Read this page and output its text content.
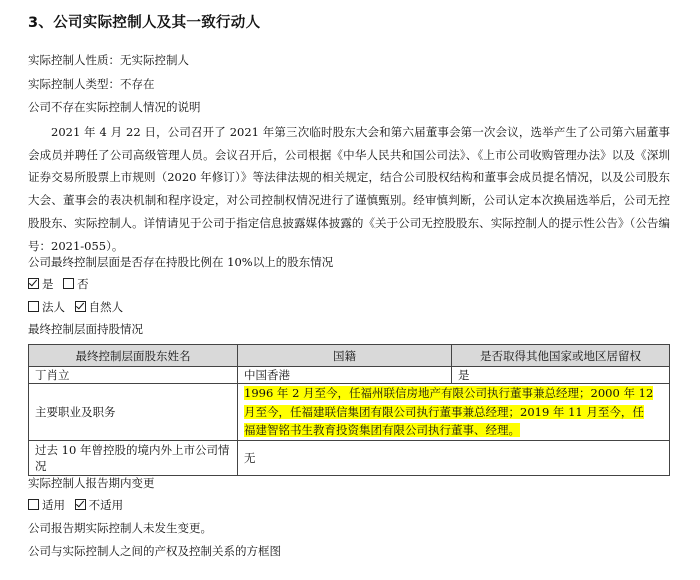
3、公司实际控制人及其一致行动人
实际控制人性质：无实际控制人
实际控制人类型：不存在
公司不存在实际控制人情况的说明
2021 年 4 月 22 日，公司召开了 2021 年第三次临时股东大会和第六届董事会第一次会议，选举产生了公司第六届董事会成员并聘任了公司高级管理人员。会议召开后，公司根据《中华人民共和国公司法》、《上市公司收购管理办法》以及《深圳证券交易所股票上市规则（2020 年修订）》等法律法规的相关规定，结合公司股权结构和董事会成员提名情况，以及公司股东大会、董事会的表决机制和程序设定，对公司控制权情况进行了谨慎甄别。经审慎判断，公司认定本次换届选举后，公司无控股股东、实际控制人。详情请见于公司于指定信息披露媒体披露的《关于公司无控股股东、实际控制人的提示性公告》（公告编号：2021-055）。
公司最终控制层面是否存在持股比例在 10%以上的股东情况
是 否
法人 自然人
最终控制层面持股情况
最终控制层面股东姓名	国籍	是否取得其他国家或地区居留权
丁肖立	中国香港	是
主要职业及职务	1996 年 2 月至今，任福州联信房地产有限公司执行董事兼总经理；2000 年 12
月至今，任福建联信集团有限公司执行董事兼总经理；2019 年 11 月至今，任
福建智铭书生教育投资集团有限公司执行董事、经理。	
过去 10 年曾控股的境内外上市公司情况	无	
实际控制人报告期内变更
适用 不适用
公司报告期实际控制人未发生变更。
公司与实际控制人之间的产权及控制关系的方框图
